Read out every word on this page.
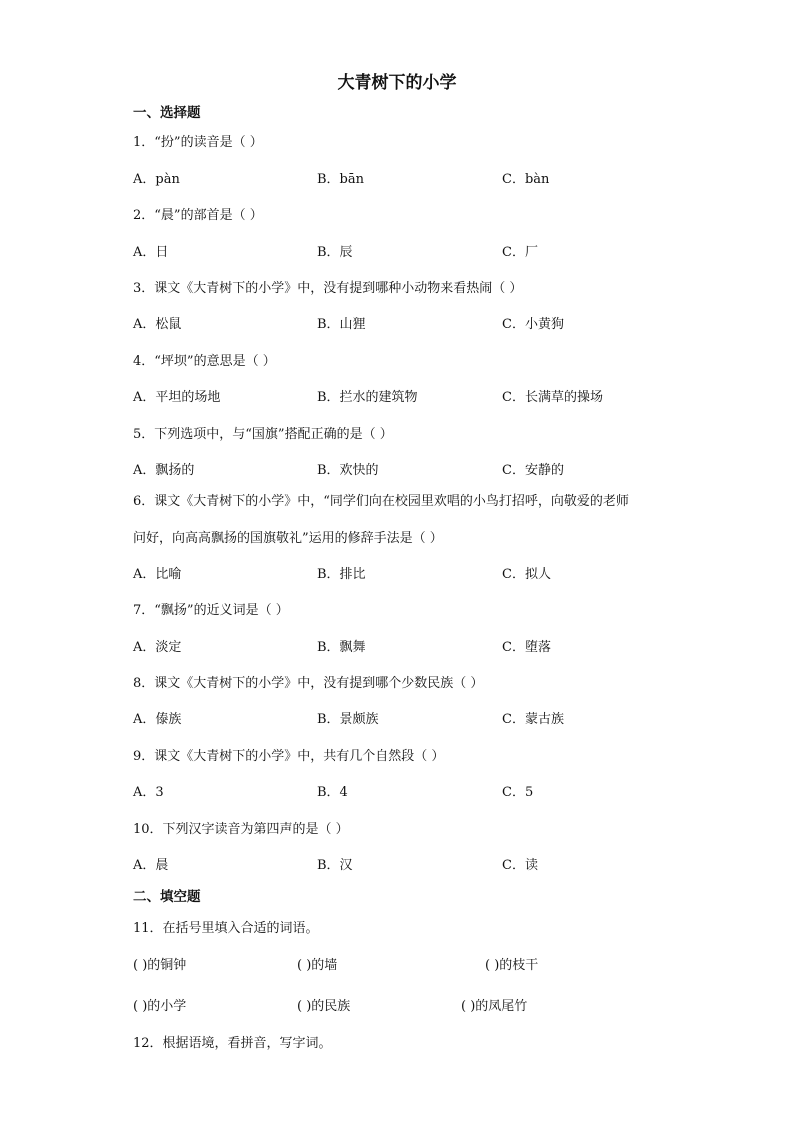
大青树下的小学
一、选择题
1．“扮”的读音是（ ）
A．pàn	B．bān	C．bàn
2．“晨”的部首是（ ）
A．日	B．辰	C．厂
3．课文《大青树下的小学》中，没有提到哪种小动物来看热闹（ ）
A．松鼠	B．山狸	C．小黄狗
4．“坪坝”的意思是（ ）
A．平坦的场地	B．拦水的建筑物	C．长满草的操场
5．下列选项中，与“国旗”搭配正确的是（ ）
A．飘扬的	B．欢快的	C．安静的
6．课文《大青树下的小学》中，“同学们向在校园里欢唱的小鸟打招呼，向敬爱的老师
问好，向高高飘扬的国旗敬礼”运用的修辞手法是（ ）
A．比喻	B．排比	C．拟人
7．“飘扬”的近义词是（ ）
A．淡定	B．飘舞	C．堕落
8．课文《大青树下的小学》中，没有提到哪个少数民族（ ）
A．傣族	B．景颇族	C．蒙古族
9．课文《大青树下的小学》中，共有几个自然段（ ）
A．3	B．4	C．5
10．下列汉字读音为第四声的是（ ）
A．晨	B．汉	C．读
二、填空题
11．在括号里填入合适的词语。
( )的铜钟	( )的墙	( )的枝干
( )的小学	( )的民族	( )的凤尾竹
12．根据语境，看拼音，写字词。
